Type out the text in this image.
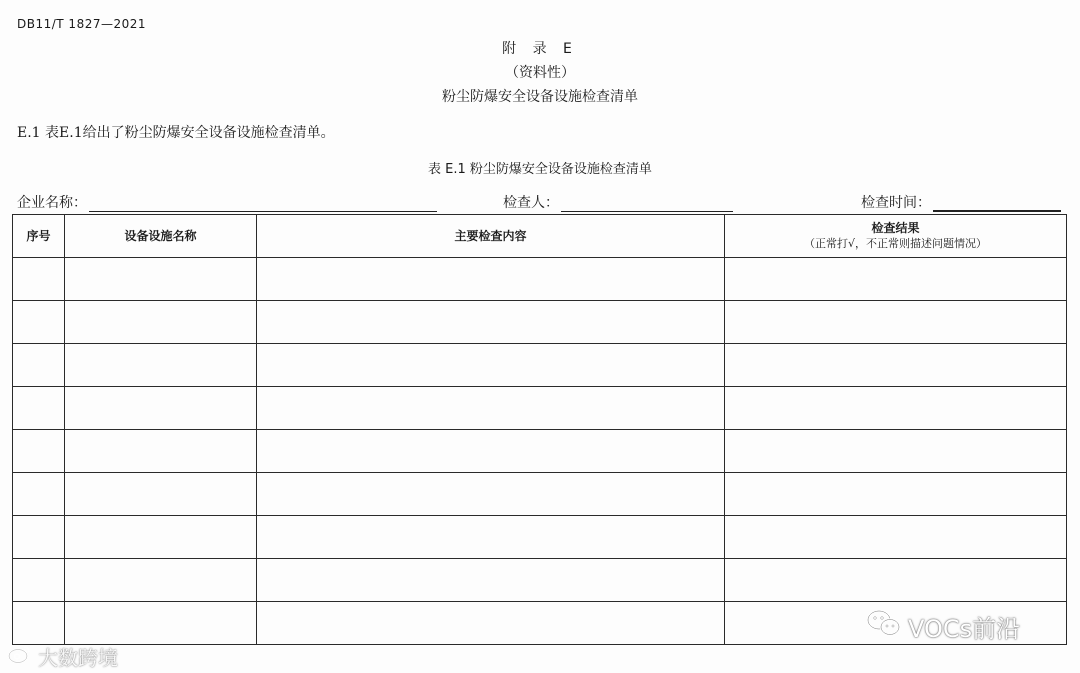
DB11/T 1827—2021
附 录 E
（资料性）
粉尘防爆安全设备设施检查清单
E.1 表E.1给出了粉尘防爆安全设备设施检查清单。
表 E.1 粉尘防爆安全设备设施检查清单
企业名称：	检查人：	检查时间：
序号	设备设施名称	主要检查内容	检查结果
（正常打√，不正常则描述问题情况）

大数跨境
VOCs前沿
